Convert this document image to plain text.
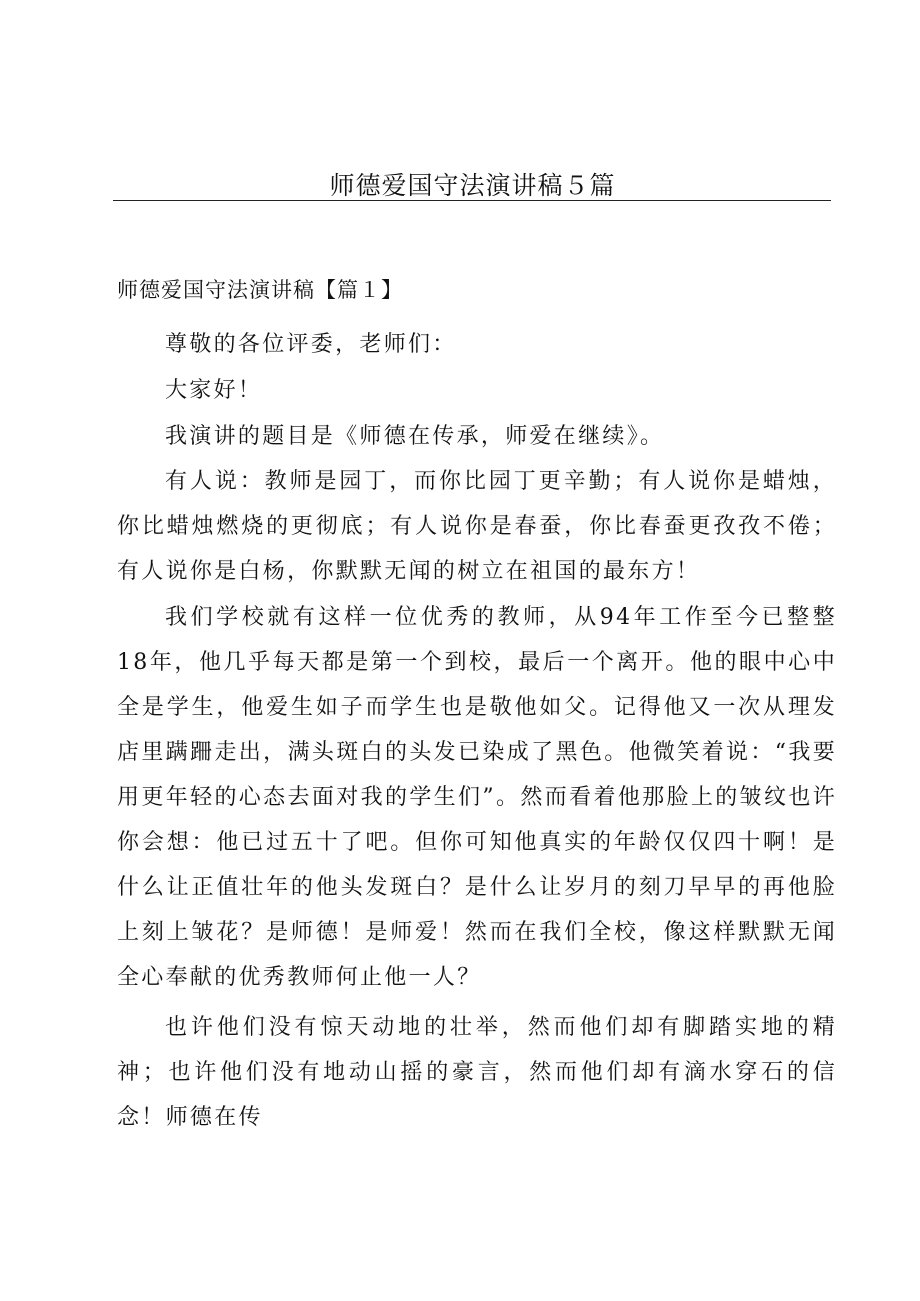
师德爱国守法演讲稿５篇
师德爱国守法演讲稿【篇１】

尊敬的各位评委，老师们：

大家好！

我演讲的题目是《师德在传承，师爱在继续》。

有人说：教师是园丁，而你比园丁更辛勤；有人说你是蜡烛，你比蜡烛燃烧的更彻底；有人说你是春蚕，你比春蚕更孜孜不倦；有人说你是白杨，你默默无闻的树立在祖国的最东方！

我们学校就有这样一位优秀的教师，从94年工作至今已整整18年，他几乎每天都是第一个到校，最后一个离开。他的眼中心中全是学生，他爱生如子而学生也是敬他如父。记得他又一次从理发店里蹒跚走出，满头斑白的头发已染成了黑色。他微笑着说：“我要用更年轻的心态去面对我的学生们”。然而看着他那脸上的皱纹也许你会想：他已过五十了吧。但你可知他真实的年龄仅仅四十啊！是什么让正值壮年的他头发斑白？是什么让岁月的刻刀早早的再他脸上刻上皱花？是师德！是师爱！然而在我们全校，像这样默默无闻全心奉献的优秀教师何止他一人？

也许他们没有惊天动地的壮举，然而他们却有脚踏实地的精神；也许他们没有地动山摇的豪言，然而他们却有滴水穿石的信念！师德在传
